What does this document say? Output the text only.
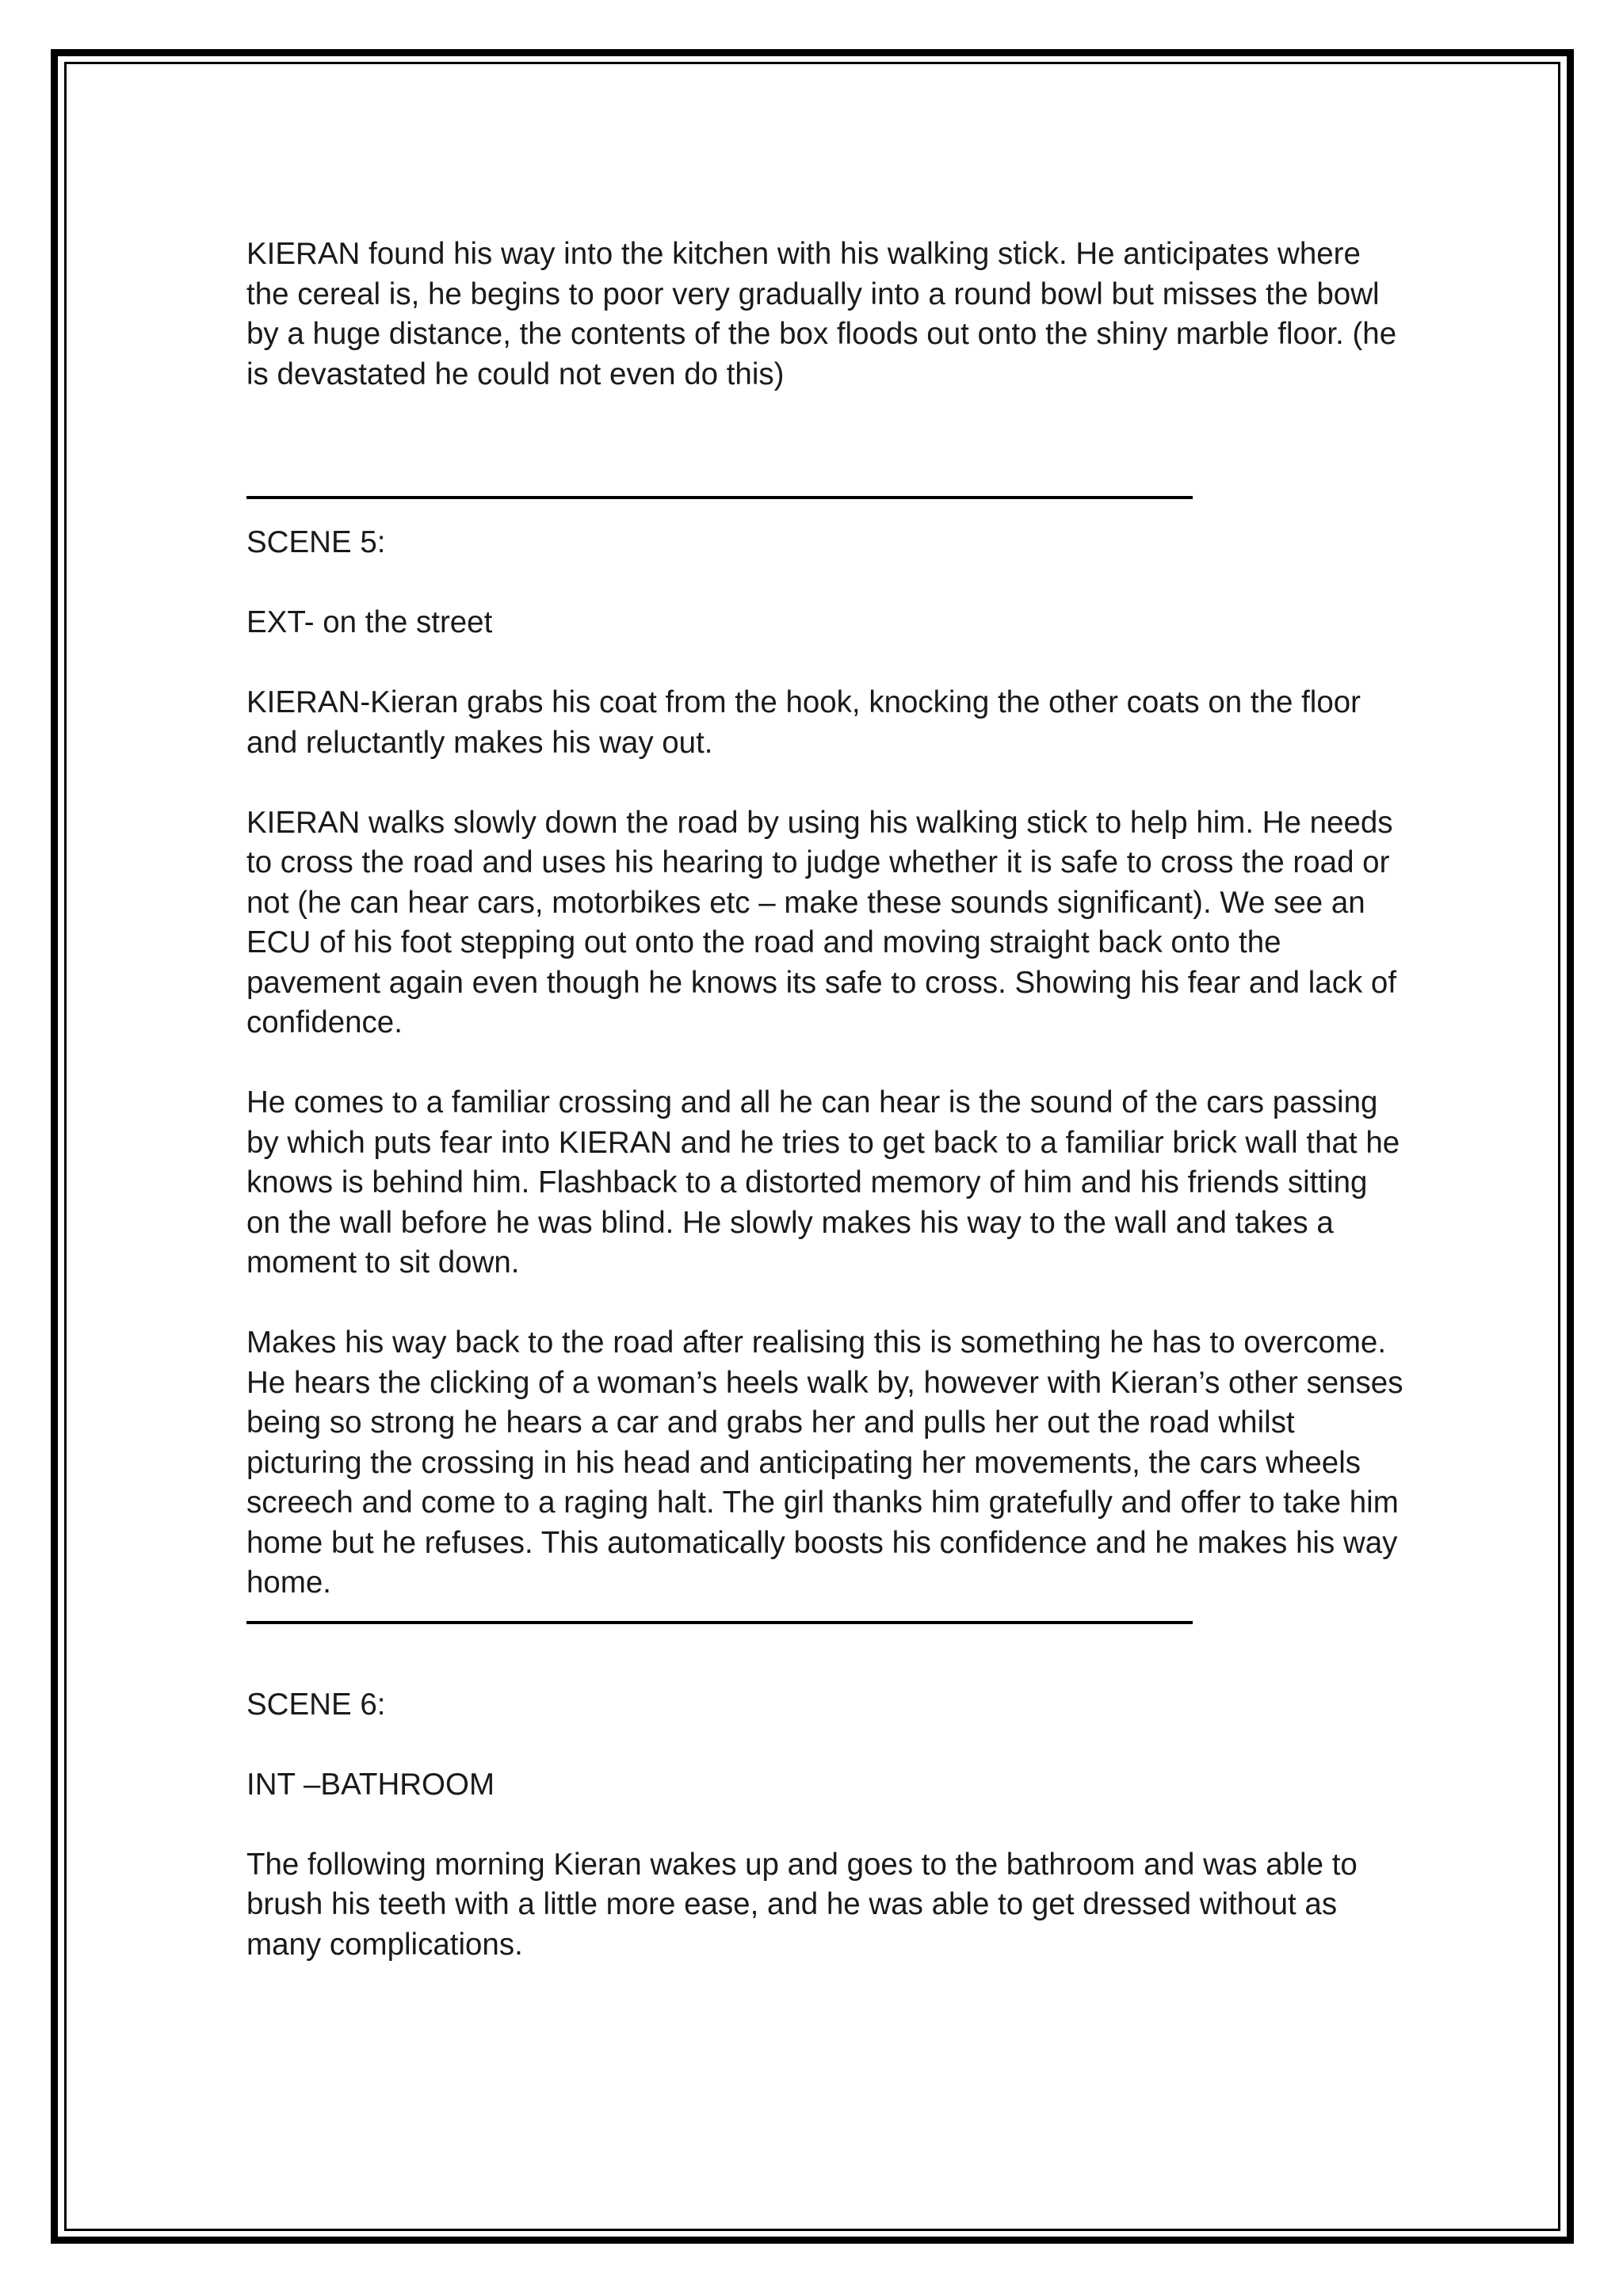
KIERAN found his way into the kitchen with his walking stick. He anticipates where the cereal is, he begins to poor very gradually into a round bowl but misses the bowl by a huge distance, the contents of the box floods out onto the shiny marble floor. (he is devastated he could not even do this)

SCENE 5:

EXT- on the street

KIERAN-Kieran grabs his coat from the hook, knocking the other coats on the floor and reluctantly makes his way out.

KIERAN walks slowly down the road by using his walking stick to help him. He needs to cross the road and uses his hearing to judge whether it is safe to cross the road or not (he can hear cars, motorbikes etc – make these sounds significant). We see an ECU of his foot stepping out onto the road and moving straight back onto the pavement again even though he knows its safe to cross. Showing his fear and lack of confidence.

He comes to a familiar crossing and all he can hear is the sound of the cars passing by which puts fear into KIERAN and he tries to get back to a familiar brick wall that he knows is behind him. Flashback to a distorted memory of him and his friends sitting on the wall before he was blind. He slowly makes his way to the wall and takes a moment to sit down.

Makes his way back to the road after realising this is something he has to overcome. He hears the clicking of a woman’s heels walk by, however with Kieran’s other senses being so strong he hears a car and grabs her and pulls her out the road whilst picturing the crossing in his head and anticipating her movements, the cars wheels screech and come to a raging halt. The girl thanks him gratefully and offer to take him home but he refuses. This automatically boosts his confidence and he makes his way home.

SCENE 6:

INT –BATHROOM

The following morning Kieran wakes up and goes to the bathroom and was able to brush his teeth with a little more ease, and he was able to get dressed without as many complications.
